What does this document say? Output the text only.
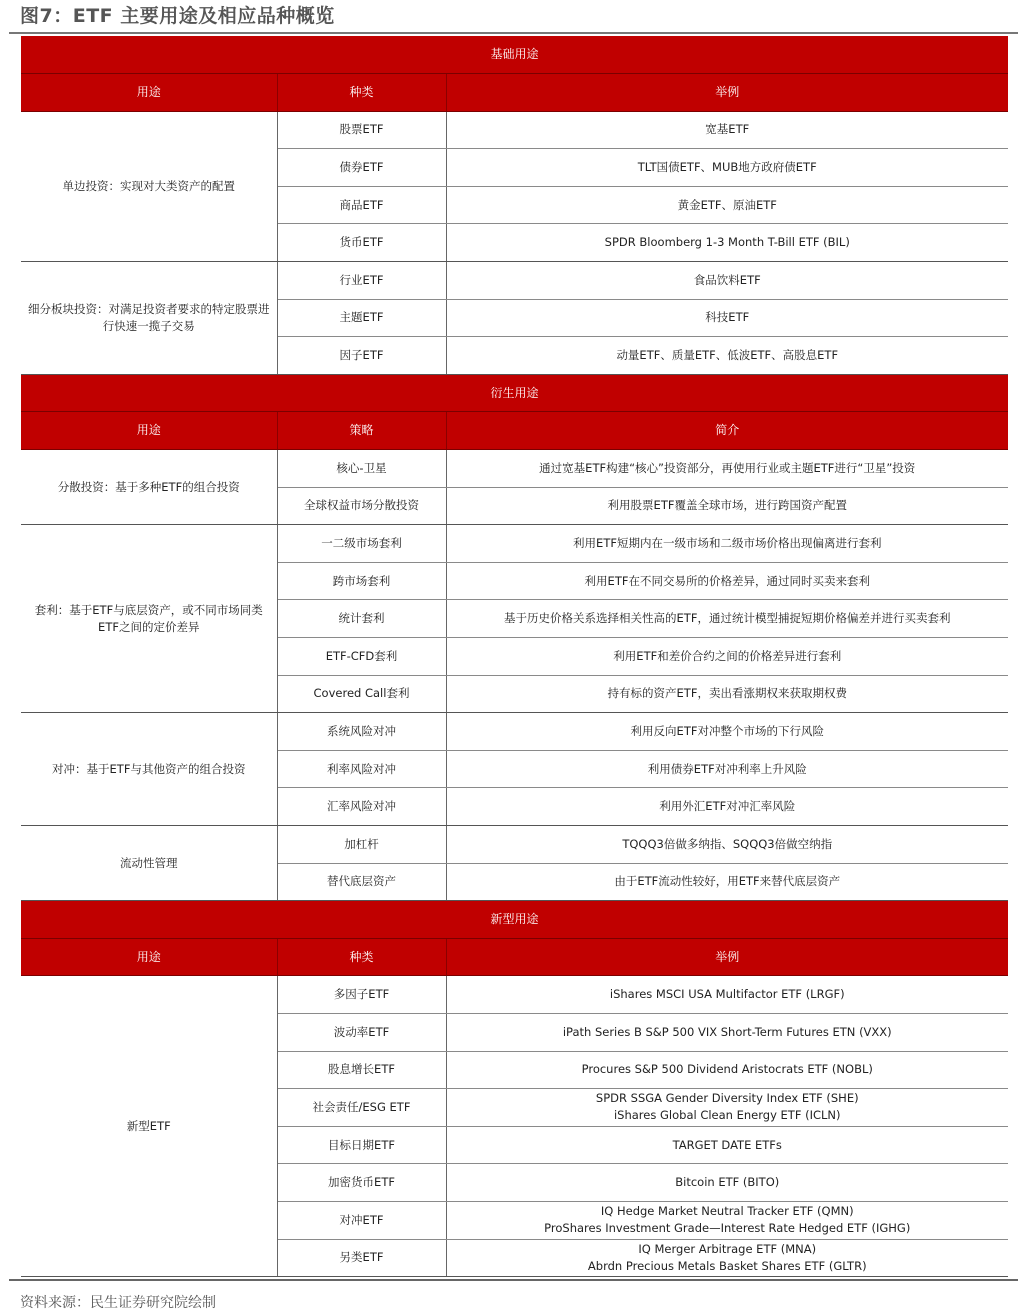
图7：ETF 主要用途及相应品种概览
基础用途		
用途	种类	举例
单边投资：实现对大类资产的配置	股票ETF	宽基ETF
	债券ETF	TLT国债ETF、MUB地方政府债ETF
	商品ETF	黄金ETF、原油ETF
	货币ETF	SPDR Bloomberg 1-3 Month T-Bill ETF (BIL)
细分板块投资：对满足投资者要求的特定股票进行快速一揽子交易	行业ETF	食品饮料ETF
	主题ETF	科技ETF
	因子ETF	动量ETF、质量ETF、低波ETF、高股息ETF
衍生用途		
用途	策略	简介
分散投资：基于多种ETF的组合投资	核心-卫星	通过宽基ETF构建“核心”投资部分，再使用行业或主题ETF进行“卫星”投资
	全球权益市场分散投资	利用股票ETF覆盖全球市场，进行跨国资产配置
套利：基于ETF与底层资产，或不同市场同类ETF之间的定价差异	一二级市场套利	利用ETF短期内在一级市场和二级市场价格出现偏离进行套利
	跨市场套利	利用ETF在不同交易所的价格差异，通过同时买卖来套利
	统计套利	基于历史价格关系选择相关性高的ETF，通过统计模型捕捉短期价格偏差并进行买卖套利
	ETF-CFD套利	利用ETF和差价合约之间的价格差异进行套利
	Covered Call套利	持有标的资产ETF，卖出看涨期权来获取期权费
对冲：基于ETF与其他资产的组合投资	系统风险对冲	利用反向ETF对冲整个市场的下行风险
	利率风险对冲	利用债券ETF对冲利率上升风险
	汇率风险对冲	利用外汇ETF对冲汇率风险
流动性管理	加杠杆	TQQQ3倍做多纳指、SQQQ3倍做空纳指
	替代底层资产	由于ETF流动性较好，用ETF来替代底层资产
新型用途		
用途	种类	举例
新型ETF	多因子ETF	iShares MSCI USA Multifactor ETF (LRGF)
	波动率ETF	iPath Series B S&P 500 VIX Short-Term Futures ETN (VXX)
	股息增长ETF	Procures S&P 500 Dividend Aristocrats ETF (NOBL)
	社会责任/ESG ETF	SPDR SSGA Gender Diversity Index ETF (SHE)
iShares Global Clean Energy ETF (ICLN)
	目标日期ETF	TARGET DATE ETFs
	加密货币ETF	Bitcoin ETF (BITO)
	对冲ETF	IQ Hedge Market Neutral Tracker ETF (QMN)
ProShares Investment Grade—Interest Rate Hedged ETF (IGHG)
	另类ETF	IQ Merger Arbitrage ETF (MNA)
Abrdn Precious Metals Basket Shares ETF (GLTR)
资料来源：民生证券研究院绘制
